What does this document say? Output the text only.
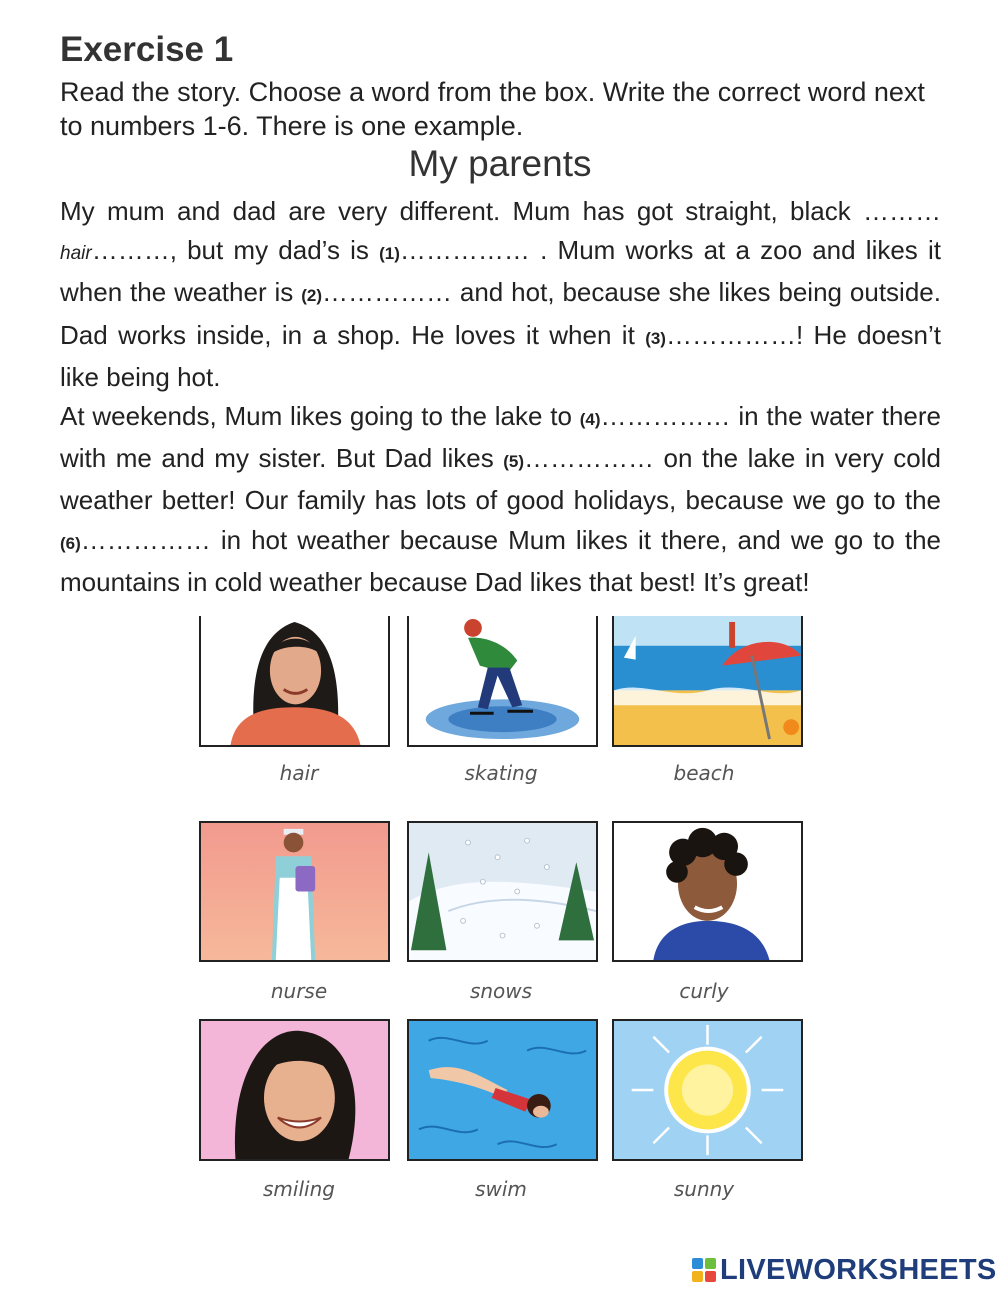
Exercise 1
Read the story. Choose a word from the box. Write the correct word next to numbers 1-6. There is one example.
My parents

My mum and dad are very different. Mum has got straight, black ………hair………, but my dad’s is (1)…………… . Mum works at a zoo and likes it when the weather is (2)…………… and hot, because she likes being outside. Dad works inside, in a shop. He loves it when it (3)……………! He doesn’t like being hot.

At weekends, Mum likes going to the lake to (4)…………… in the water there with me and my sister. But Dad likes (5)…………… on the lake in very cold weather better! Our family has lots of good holidays, because we go to the (6)…………… in hot weather because Mum likes it there, and we go to the mountains in cold weather because Dad likes that best! It’s great!

hair	skating	beach
nurse	snows	curly
smiling	swim	sunny
LIVEWORKSHEETS
